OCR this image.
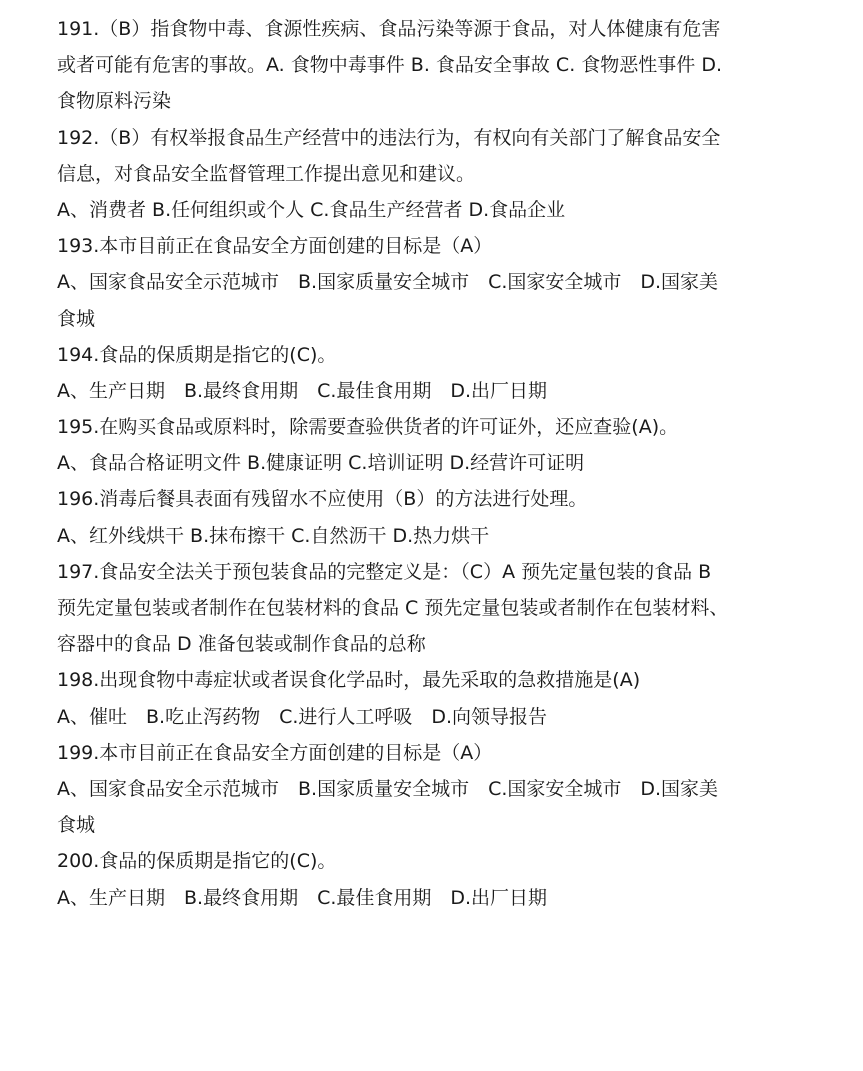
191.（B）指食物中毒、食源性疾病、食品污染等源于食品，对人体健康有危害
或者可能有危害的事故。A. 食物中毒事件 B. 食品安全事故 C. 食物恶性事件 D.
食物原料污染
192.（B）有权举报食品生产经营中的违法行为，有权向有关部门了解食品安全
信息，对食品安全监督管理工作提出意见和建议。
A、消费者 B.任何组织或个人 C.食品生产经营者 D.食品企业
193.本市目前正在食品安全方面创建的目标是（A）
A、国家食品安全示范城市　B.国家质量安全城市　C.国家安全城市　D.国家美
食城
194.食品的保质期是指它的(C)。
A、生产日期　B.最终食用期　C.最佳食用期　D.出厂日期
195.在购买食品或原料时，除需要查验供货者的许可证外，还应查验(A)。
A、食品合格证明文件 B.健康证明 C.培训证明 D.经营许可证明
196.消毒后餐具表面有残留水不应使用（B）的方法进行处理。
A、红外线烘干 B.抹布擦干 C.自然沥干 D.热力烘干
197.食品安全法关于预包装食品的完整定义是：（C）A 预先定量包装的食品 B
预先定量包装或者制作在包装材料的食品 C 预先定量包装或者制作在包装材料、
容器中的食品 D 准备包装或制作食品的总称
198.出现食物中毒症状或者误食化学品时，最先采取的急救措施是(A)
A、催吐　B.吃止泻药物　C.进行人工呼吸　D.向领导报告
199.本市目前正在食品安全方面创建的目标是（A）
A、国家食品安全示范城市　B.国家质量安全城市　C.国家安全城市　D.国家美
食城
200.食品的保质期是指它的(C)。
A、生产日期　B.最终食用期　C.最佳食用期　D.出厂日期
